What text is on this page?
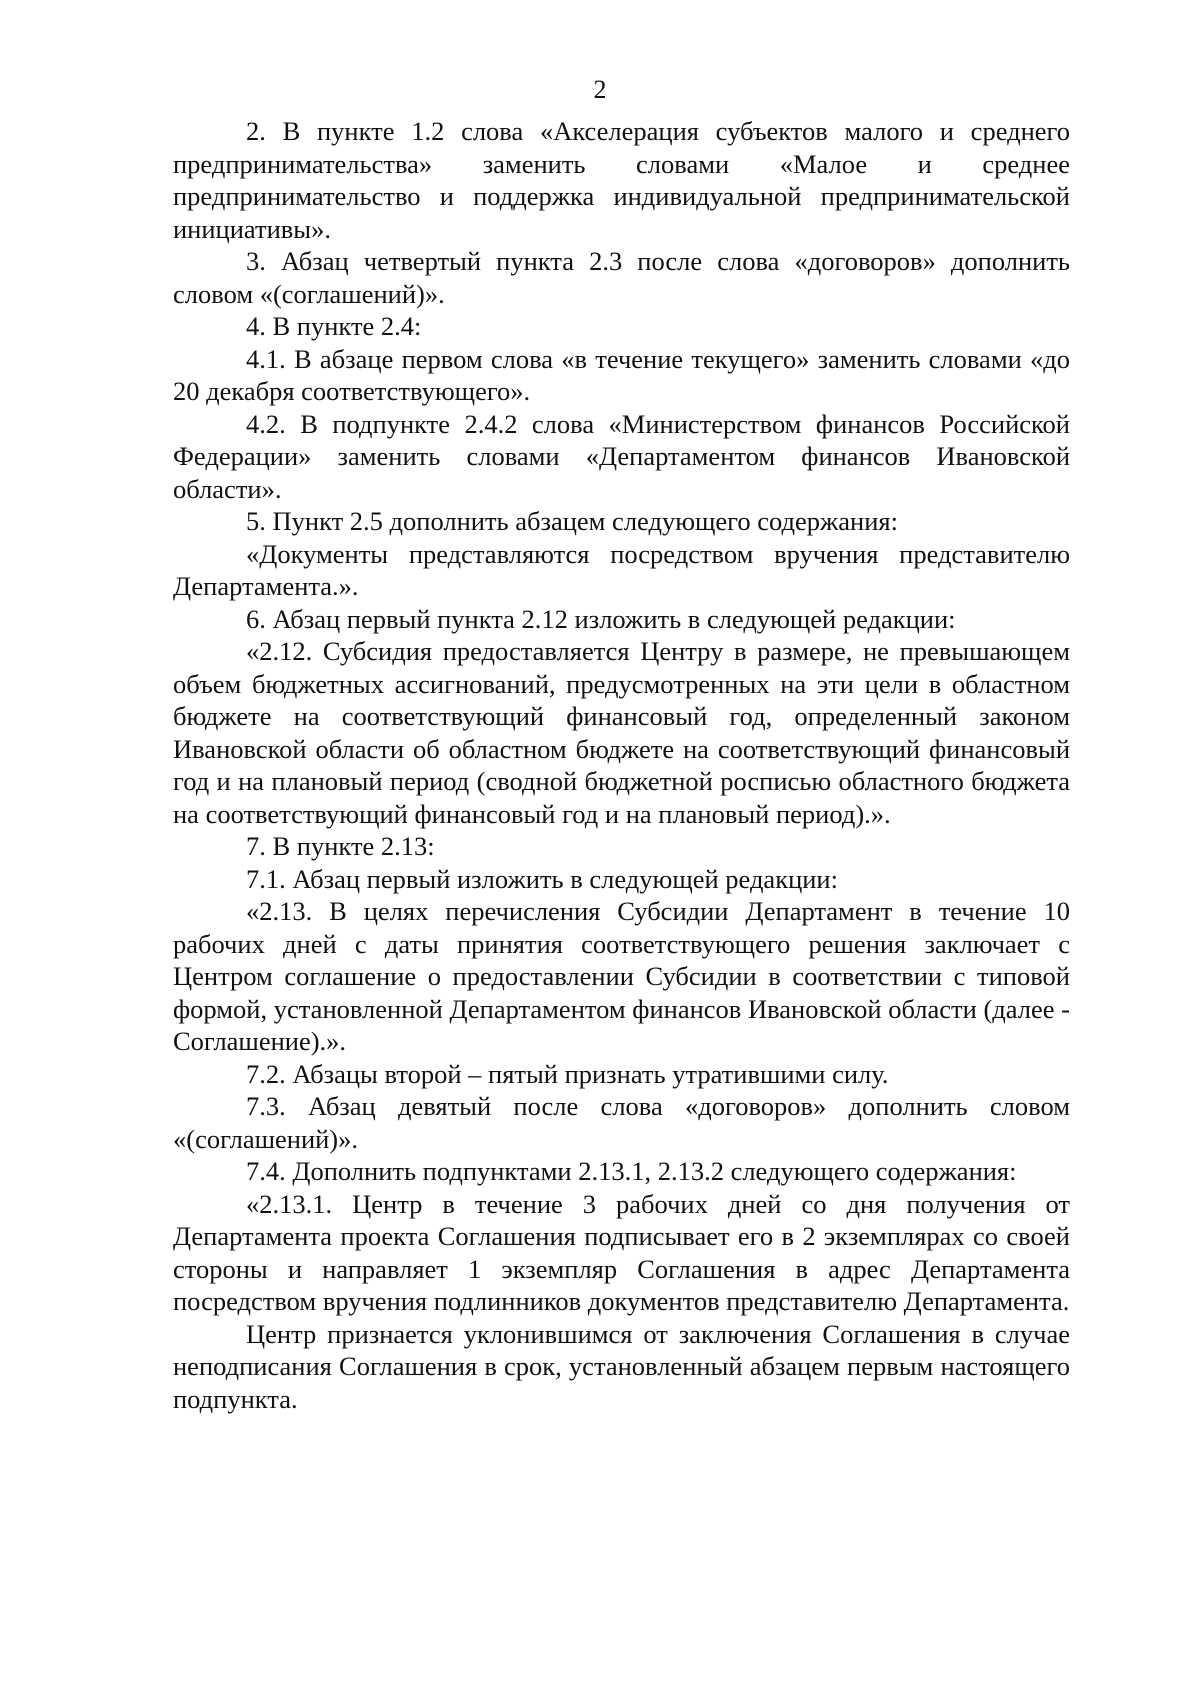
2

2. В пункте 1.2 слова «Акселерация субъектов малого и среднего предпринимательства» заменить словами «Малое и среднее предпринимательство и поддержка индивидуальной предпринимательской инициативы».

3. Абзац четвертый пункта 2.3 после слова «договоров» дополнить словом «(соглашений)».

4. В пункте 2.4:

4.1. В абзаце первом слова «в течение текущего» заменить словами «до 20 декабря соответствующего».

4.2. В подпункте 2.4.2 слова «Министерством финансов Российской Федерации» заменить словами «Департаментом финансов Ивановской области».

5. Пункт 2.5 дополнить абзацем следующего содержания:

«Документы представляются посредством вручения представителю Департамента.».

6. Абзац первый пункта 2.12 изложить в следующей редакции:

«2.12. Субсидия предоставляется Центру в размере, не превышающем объем бюджетных ассигнований, предусмотренных на эти цели в областном бюджете на соответствующий финансовый год, определенный законом Ивановской области об областном бюджете на соответствующий финансовый год и на плановый период (сводной бюджетной росписью областного бюджета на соответствующий финансовый год и на плановый период).».

7. В пункте 2.13:

7.1. Абзац первый изложить в следующей редакции:

«2.13. В целях перечисления Субсидии Департамент в течение 10 рабочих дней с даты принятия соответствующего решения заключает с Центром соглашение о предоставлении Субсидии в соответствии с типовой формой, установленной Департаментом финансов Ивановской области (далее - Соглашение).».

7.2. Абзацы второй – пятый признать утратившими силу.

7.3. Абзац девятый после слова «договоров» дополнить словом «(соглашений)».

7.4. Дополнить подпунктами 2.13.1, 2.13.2 следующего содержания:

«2.13.1. Центр в течение 3 рабочих дней со дня получения от Департамента проекта Соглашения подписывает его в 2 экземплярах со своей стороны и направляет 1 экземпляр Соглашения в адрес Департамента посредством вручения подлинников документов представителю Департамента.

Центр признается уклонившимся от заключения Соглашения в случае неподписания Соглашения в срок, установленный абзацем первым настоящего подпункта.
